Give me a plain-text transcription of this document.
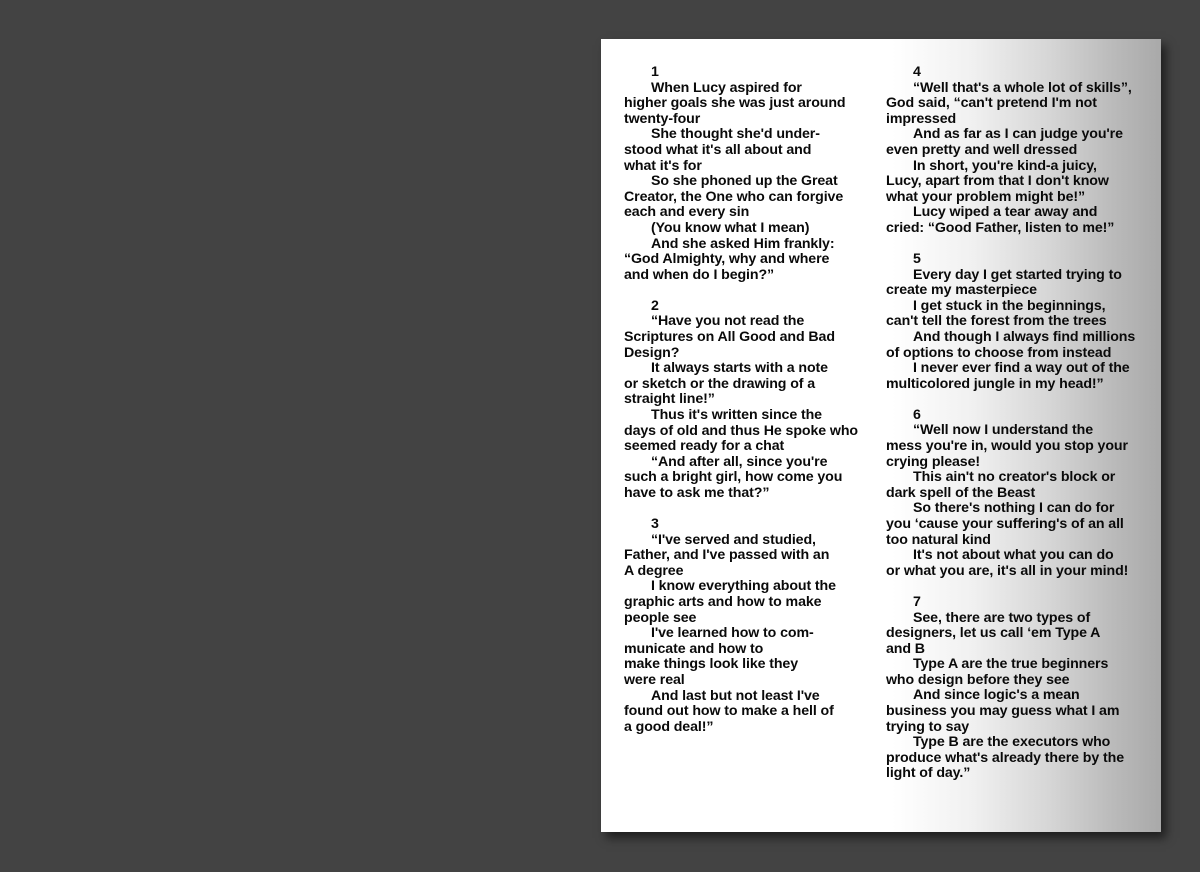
1
When Lucy aspired for
higher goals she was just around
twenty-four
She thought she'd under-
stood what it's all about and
what it's for
So she phoned up the Great
Creator, the One who can forgive
each and every sin
(You know what I mean)
And she asked Him frankly:
“God Almighty, why and where
and when do I begin?”
2
“Have you not read the
Scriptures on All Good and Bad
Design?
It always starts with a note
or sketch or the drawing of a
straight line!”
Thus it's written since the
days of old and thus He spoke who
seemed ready for a chat
“And after all, since you're
such a bright girl, how come you
have to ask me that?”
3
“I've served and studied,
Father, and I've passed with an
A degree
I know everything about the
graphic arts and how to make
people see
I've learned how to com-
municate and how to
make things look like they
were real
And last but not least I've
found out how to make a hell of
a good deal!”
4
“Well that's a whole lot of skills”,
God said, “can't pretend I'm not
impressed
And as far as I can judge you're
even pretty and well dressed
In short, you're kind-a juicy,
Lucy, apart from that I don't know
what your problem might be!”
Lucy wiped a tear away and
cried: “Good Father, listen to me!”
5
Every day I get started trying to
create my masterpiece
I get stuck in the beginnings,
can't tell the forest from the trees
And though I always find millions
of options to choose from instead
I never ever find a way out of the
multicolored jungle in my head!”
6
“Well now I understand the
mess you're in, would you stop your
crying please!
This ain't no creator's block or
dark spell of the Beast
So there's nothing I can do for
you ‘cause your suffering's of an all
too natural kind
It's not about what you can do
or what you are, it's all in your mind!
7
See, there are two types of
designers, let us call ‘em Type A
and B
Type A are the true beginners
who design before they see
And since logic's a mean
business you may guess what I am
trying to say
Type B are the executors who
produce what's already there by the
light of day.”
